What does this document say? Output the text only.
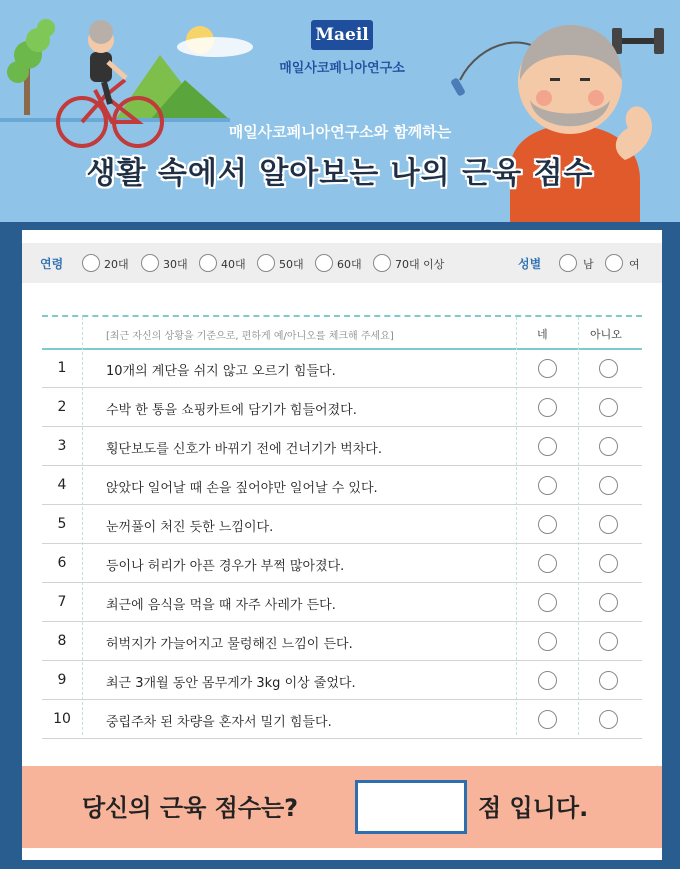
Maeil
매일사코페니아연구소
매일사코페니아연구소와 함께하는
생활 속에서 알아보는 나의 근육 점수
연령	20대	30대	40대	50대	60대	70대 이상	성별	남	여
[최근 자신의 상황을 기준으로, 편하게 예/아니오를 체크해 주세요]	네	아니오
1	10개의 계단을 쉬지 않고 오르기 힘들다.
2	수박 한 통을 쇼핑카트에 담기가 힘들어졌다.
3	횡단보도를 신호가 바뀌기 전에 건너기가 벅차다.
4	앉았다 일어날 때 손을 짚어야만 일어날 수 있다.
5	눈꺼풀이 처진 듯한 느낌이다.
6	등이나 허리가 아픈 경우가 부쩍 많아졌다.
7	최근에 음식을 먹을 때 자주 사레가 든다.
8	허벅지가 가늘어지고 물렁해진 느낌이 든다.
9	최근 3개월 동안 몸무게가 3kg 이상 줄었다.
10	중립주차 된 차량을 혼자서 밀기 힘들다.
당신의 근육 점수는?	점 입니다.
